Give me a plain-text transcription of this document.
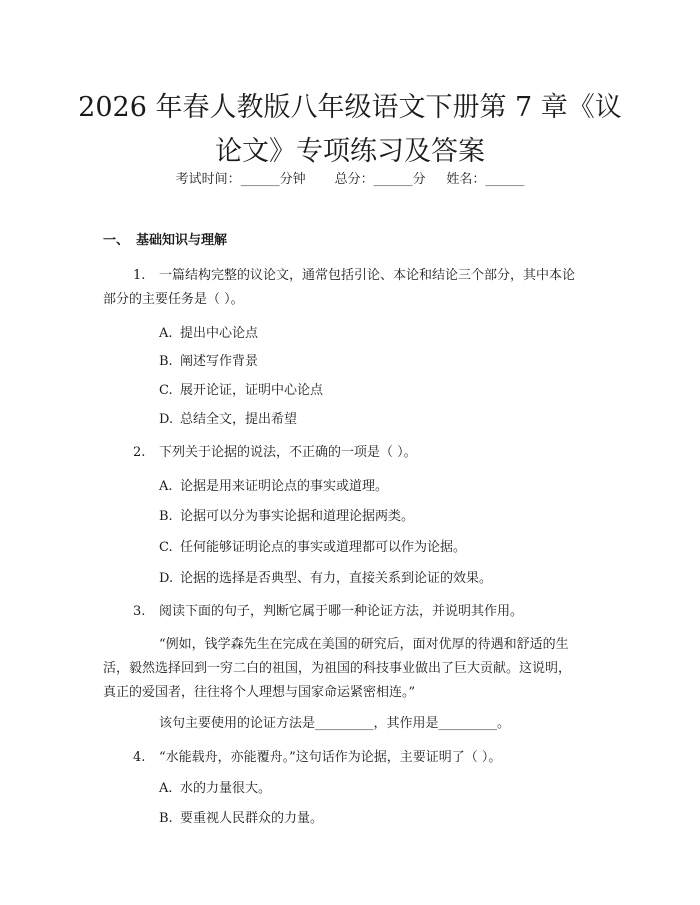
2026 年春人教版八年级语文下册第 7 章《议
论文》专项练习及答案
考试时间：______分钟 总分：______分 姓名：______
一、 基础知识与理解
1. 一篇结构完整的议论文，通常包括引论、本论和结论三个部分，其中本论
部分的主要任务是（ ）。
A. 提出中心论点
B. 阐述写作背景
C. 展开论证，证明中心论点
D. 总结全文，提出希望
2. 下列关于论据的说法，不正确的一项是（ ）。
A. 论据是用来证明论点的事实或道理。
B. 论据可以分为事实论据和道理论据两类。
C. 任何能够证明论点的事实或道理都可以作为论据。
D. 论据的选择是否典型、有力，直接关系到论证的效果。
3. 阅读下面的句子，判断它属于哪一种论证方法，并说明其作用。
“例如，钱学森先生在完成在美国的研究后，面对优厚的待遇和舒适的生
活，毅然选择回到一穷二白的祖国，为祖国的科技事业做出了巨大贡献。这说明，
真正的爱国者，往往将个人理想与国家命运紧密相连。”
该句主要使用的论证方法是_________，其作用是_________。
4. “水能载舟，亦能覆舟。”这句话作为论据，主要证明了（ ）。
A. 水的力量很大。
B. 要重视人民群众的力量。
